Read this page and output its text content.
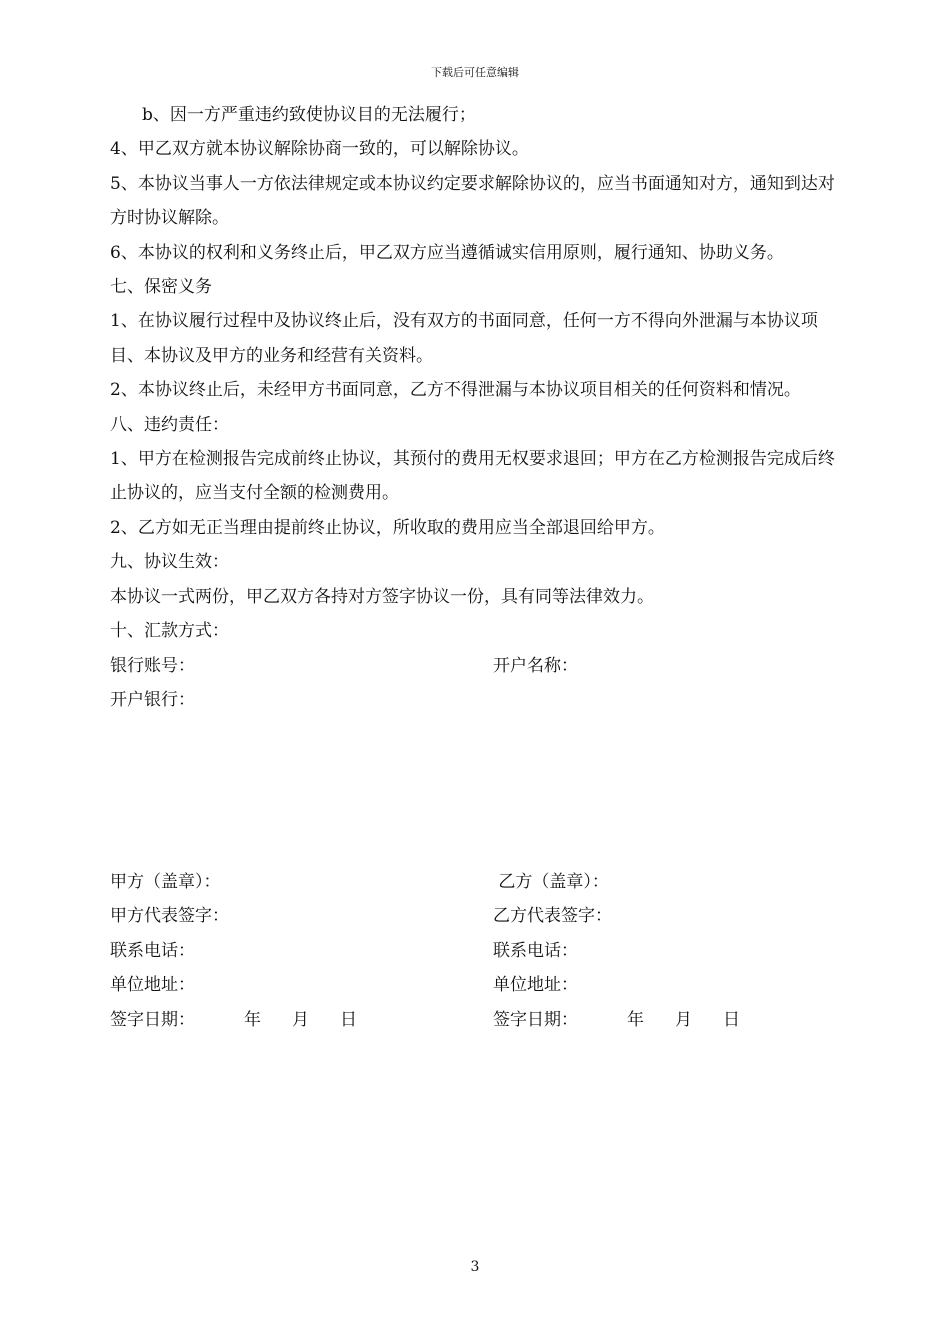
下载后可任意编辑

b、因一方严重违约致使协议目的无法履行；

4、甲乙双方就本协议解除协商一致的，可以解除协议。

5、本协议当事人一方依法律规定或本协议约定要求解除协议的，应当书面通知对方，通知到达对方时协议解除。

6、本协议的权利和义务终止后，甲乙双方应当遵循诚实信用原则，履行通知、协助义务。

七、保密义务

1、在协议履行过程中及协议终止后，没有双方的书面同意，任何一方不得向外泄漏与本协议项目、本协议及甲方的业务和经营有关资料。

2、本协议终止后，未经甲方书面同意，乙方不得泄漏与本协议项目相关的任何资料和情况。

八、违约责任：

1、甲方在检测报告完成前终止协议，其预付的费用无权要求退回；甲方在乙方检测报告完成后终止协议的，应当支付全额的检测费用。

2、乙方如无正当理由提前终止协议，所收取的费用应当全部退回给甲方。

九、协议生效：

本协议一式两份，甲乙双方各持对方签字协议一份，具有同等法律效力。

十、汇款方式：

银行账号：	开户名称：
开户银行：
甲方（盖章）：	乙方（盖章）：
甲方代表签字：	乙方代表签字：
联系电话：	联系电话：
单位地址：	单位地址：
签字日期：	年 月 日	签字日期：	年 月 日
3
